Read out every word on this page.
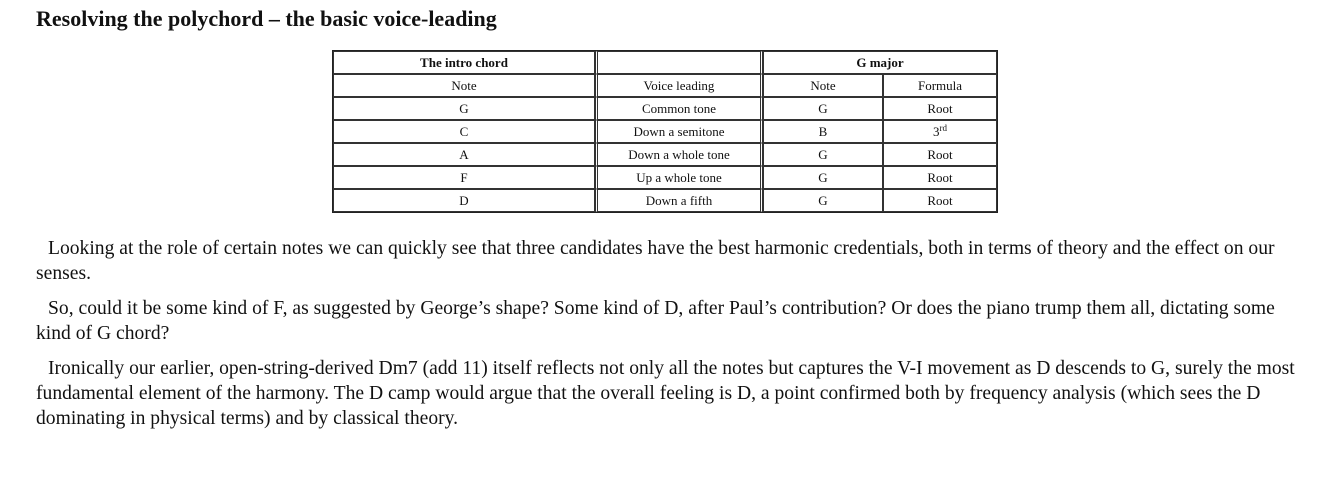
Resolving the polychord – the basic voice-leading
The intro chord		G major	
Note	Voice leading	Note	Formula
G	Common tone	G	Root
C	Down a semitone	B	3rd
A	Down a whole tone	G	Root
F	Up a whole tone	G	Root
D	Down a fifth	G	Root

Looking at the role of certain notes we can quickly see that three candidates have the best harmonic credentials, both in terms of theory and the effect on our senses.

So, could it be some kind of F, as suggested by George’s shape? Some kind of D, after Paul’s contribution? Or does the piano trump them all, dictating some kind of G chord?

Ironically our earlier, open-string-derived Dm7 (add 11) itself reflects not only all the notes but captures the V-I movement as D descends to G, surely the most fundamental element of the harmony. The D camp would argue that the overall feeling is D, a point confirmed both by frequency analysis (which sees the D dominating in physical terms) and by classical theory.
